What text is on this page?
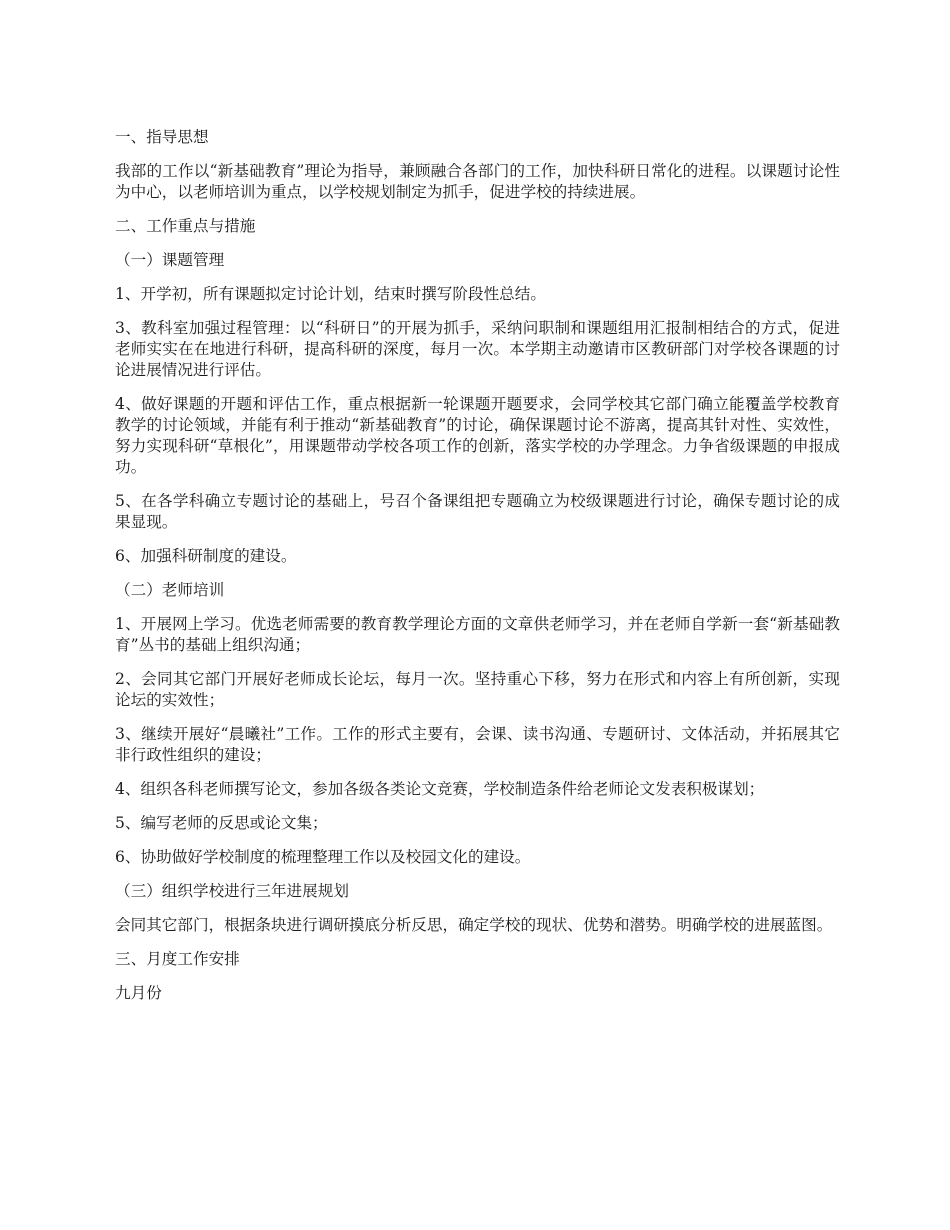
一、指导思想

我部的工作以“新基础教育”理论为指导，兼顾融合各部门的工作，加快科研日常化的进程。以课题讨论性为中心，以老师培训为重点，以学校规划制定为抓手，促进学校的持续进展。

二、工作重点与措施

（一）课题管理

1、开学初，所有课题拟定讨论计划，结束时撰写阶段性总结。

3、教科室加强过程管理：以“科研日”的开展为抓手，采纳问职制和课题组用汇报制相结合的方式，促进老师实实在在地进行科研，提高科研的深度，每月一次。本学期主动邀请市区教研部门对学校各课题的讨论进展情况进行评估。

4、做好课题的开题和评估工作，重点根据新一轮课题开题要求，会同学校其它部门确立能覆盖学校教育教学的讨论领域，并能有利于推动“新基础教育”的讨论，确保课题讨论不游离，提高其针对性、实效性，努力实现科研“草根化”，用课题带动学校各项工作的创新，落实学校的办学理念。力争省级课题的申报成功。

5、在各学科确立专题讨论的基础上，号召个备课组把专题确立为校级课题进行讨论，确保专题讨论的成果显现。

6、加强科研制度的建设。

（二）老师培训

1、开展网上学习。优选老师需要的教育教学理论方面的文章供老师学习，并在老师自学新一套“新基础教育”丛书的基础上组织沟通；

2、会同其它部门开展好老师成长论坛，每月一次。坚持重心下移，努力在形式和内容上有所创新，实现论坛的实效性；

3、继续开展好“晨曦社”工作。工作的形式主要有，会课、读书沟通、专题研讨、文体活动，并拓展其它非行政性组织的建设；

4、组织各科老师撰写论文，参加各级各类论文竞赛，学校制造条件给老师论文发表积极谋划；

5、编写老师的反思或论文集；

6、协助做好学校制度的梳理整理工作以及校园文化的建设。

（三）组织学校进行三年进展规划

会同其它部门，根据条块进行调研摸底分析反思，确定学校的现状、优势和潜势。明确学校的进展蓝图。

三、月度工作安排

九月份
